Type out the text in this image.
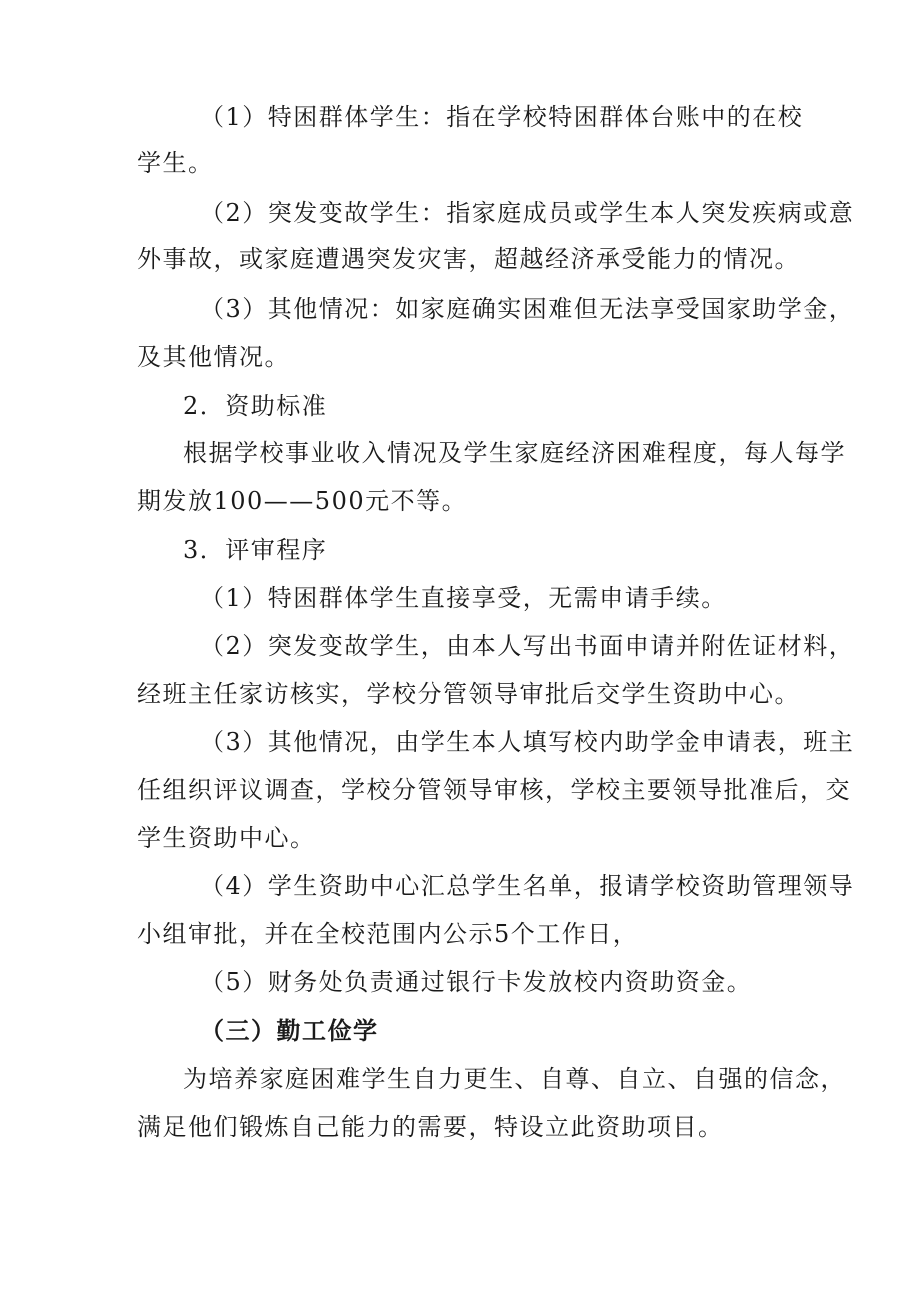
（1）特困群体学生：指在学校特困群体台账中的在校
学生。
（2）突发变故学生：指家庭成员或学生本人突发疾病或意
外事故，或家庭遭遇突发灾害，超越经济承受能力的情况。
（3）其他情况：如家庭确实困难但无法享受国家助学金，
及其他情况。
2．资助标准
根据学校事业收入情况及学生家庭经济困难程度，每人每学
期发放100——500元不等。
3．评审程序
（1）特困群体学生直接享受，无需申请手续。
（2）突发变故学生，由本人写出书面申请并附佐证材料，
经班主任家访核实，学校分管领导审批后交学生资助中心。
（3）其他情况，由学生本人填写校内助学金申请表，班主
任组织评议调查，学校分管领导审核，学校主要领导批准后，交
学生资助中心。
（4）学生资助中心汇总学生名单，报请学校资助管理领导
小组审批，并在全校范围内公示5个工作日，
（5）财务处负责通过银行卡发放校内资助资金。
（三）勤工俭学
为培养家庭困难学生自力更生、自尊、自立、自强的信念，
满足他们锻炼自己能力的需要，特设立此资助项目。
